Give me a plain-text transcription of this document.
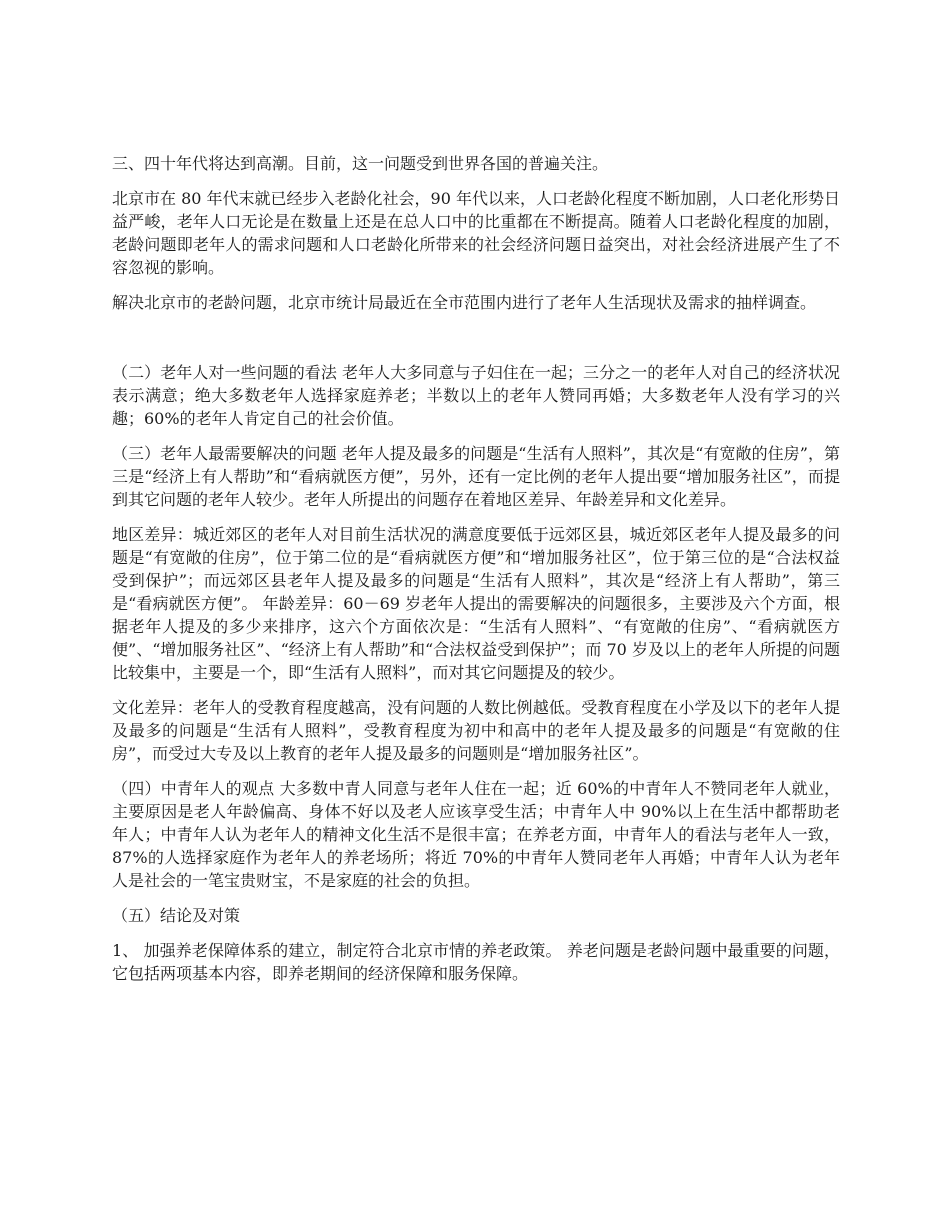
三、四十年代将达到高潮。目前，这一问题受到世界各国的普遍关注。

北京市在 80 年代末就已经步入老龄化社会，90 年代以来，人口老龄化程度不断加剧，人口老化形势日益严峻，老年人口无论是在数量上还是在总人口中的比重都在不断提高。随着人口老龄化程度的加剧，老龄问题即老年人的需求问题和人口老龄化所带来的社会经济问题日益突出，对社会经济进展产生了不容忽视的影响。

解决北京市的老龄问题，北京市统计局最近在全市范围内进行了老年人生活现状及需求的抽样调查。

（二）老年人对一些问题的看法 老年人大多同意与子妇住在一起；三分之一的老年人对自己的经济状况表示满意；绝大多数老年人选择家庭养老；半数以上的老年人赞同再婚；大多数老年人没有学习的兴趣；60%的老年人肯定自己的社会价值。

（三）老年人最需要解决的问题 老年人提及最多的问题是“生活有人照料”，其次是“有宽敞的住房”，第三是“经济上有人帮助”和“看病就医方便”，另外，还有一定比例的老年人提出要“增加服务社区”，而提到其它问题的老年人较少。老年人所提出的问题存在着地区差异、年龄差异和文化差异。

地区差异：城近郊区的老年人对目前生活状况的满意度要低于远郊区县，城近郊区老年人提及最多的问题是“有宽敞的住房”，位于第二位的是“看病就医方便”和“增加服务社区”，位于第三位的是“合法权益受到保护”；而远郊区县老年人提及最多的问题是“生活有人照料”，其次是“经济上有人帮助”，第三是“看病就医方便”。 年龄差异：60－69 岁老年人提出的需要解决的问题很多，主要涉及六个方面，根据老年人提及的多少来排序，这六个方面依次是：“生活有人照料”、“有宽敞的住房”、“看病就医方便”、“增加服务社区”、“经济上有人帮助”和“合法权益受到保护”；而 70 岁及以上的老年人所提的问题比较集中，主要是一个，即“生活有人照料”，而对其它问题提及的较少。

文化差异：老年人的受教育程度越高，没有问题的人数比例越低。受教育程度在小学及以下的老年人提及最多的问题是“生活有人照料”，受教育程度为初中和高中的老年人提及最多的问题是“有宽敞的住房”，而受过大专及以上教育的老年人提及最多的问题则是“增加服务社区”。

（四）中青年人的观点 大多数中青人同意与老年人住在一起；近 60%的中青年人不赞同老年人就业，主要原因是老人年龄偏高、身体不好以及老人应该享受生活；中青年人中 90%以上在生活中都帮助老年人；中青年人认为老年人的精神文化生活不是很丰富；在养老方面，中青年人的看法与老年人一致，87%的人选择家庭作为老年人的养老场所；将近 70%的中青年人赞同老年人再婚；中青年人认为老年人是社会的一笔宝贵财宝，不是家庭的社会的负担。

（五）结论及对策

1、 加强养老保障体系的建立，制定符合北京市情的养老政策。 养老问题是老龄问题中最重要的问题，它包括两项基本内容，即养老期间的经济保障和服务保障。
